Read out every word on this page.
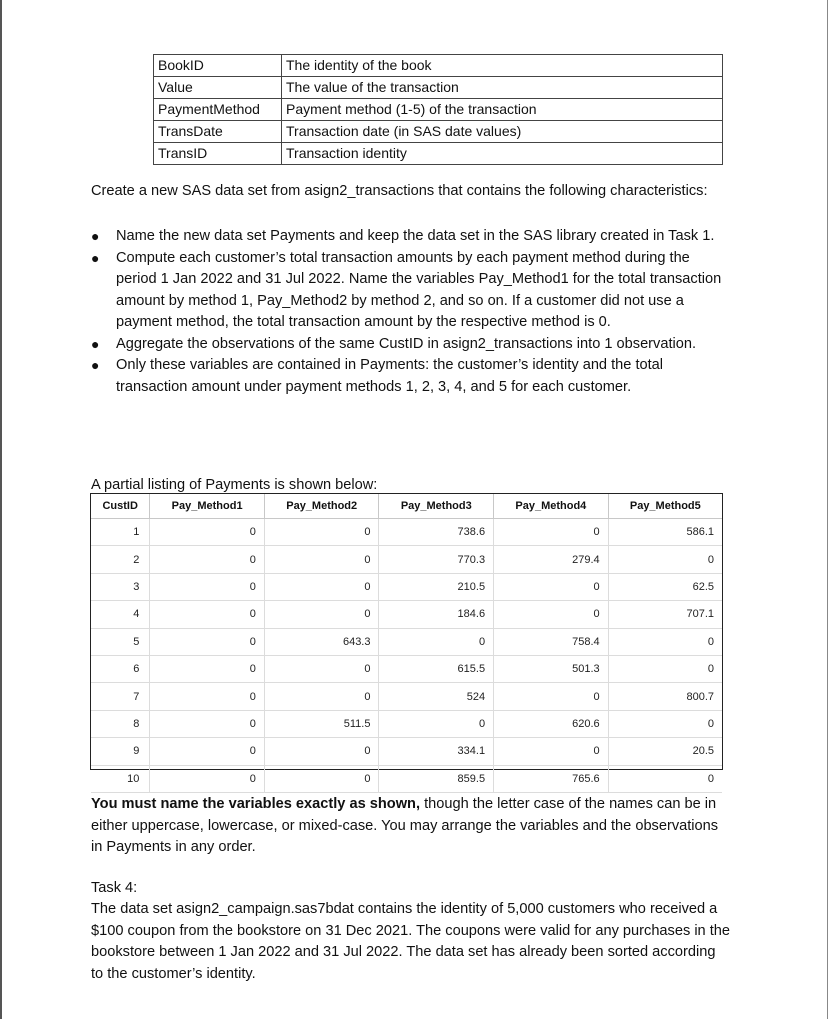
BookID	The identity of the book
Value	The value of the transaction
PaymentMethod	Payment method (1-5) of the transaction
TransDate	Transaction date (in SAS date values)
TransID	Transaction identity
Create a new SAS data set from asign2_transactions that contains the following characteristics:
● Name the new data set Payments and keep the data set in the SAS library created in Task 1.
● Compute each customer’s total transaction amounts by each payment method during the period 1 Jan 2022 and 31 Jul 2022. Name the variables Pay_Method1 for the total transaction amount by method 1, Pay_Method2 by method 2, and so on. If a customer did not use a payment method, the total transaction amount by the respective method is 0.
● Aggregate the observations of the same CustID in asign2_transactions into 1 observation.
● Only these variables are contained in Payments: the customer’s identity and the total transaction amount under payment methods 1, 2, 3, 4, and 5 for each customer.
A partial listing of Payments is shown below:
CustID	Pay_Method1	Pay_Method2	Pay_Method3	Pay_Method4	Pay_Method5
1	0	0	738.6	0	586.1
2	0	0	770.3	279.4	0
3	0	0	210.5	0	62.5
4	0	0	184.6	0	707.1
5	0	643.3	0	758.4	0
6	0	0	615.5	501.3	0
7	0	0	524	0	800.7
8	0	511.5	0	620.6	0
9	0	0	334.1	0	20.5
10	0	0	859.5	765.6	0
You must name the variables exactly as shown, though the letter case of the names can be in either uppercase, lowercase, or mixed-case. You may arrange the variables and the observations in Payments in any order.
Task 4:
The data set asign2_campaign.sas7bdat contains the identity of 5,000 customers who received a $100 coupon from the bookstore on 31 Dec 2021. The coupons were valid for any purchases in the bookstore between 1 Jan 2022 and 31 Jul 2022. The data set has already been sorted according to the customer’s identity.
